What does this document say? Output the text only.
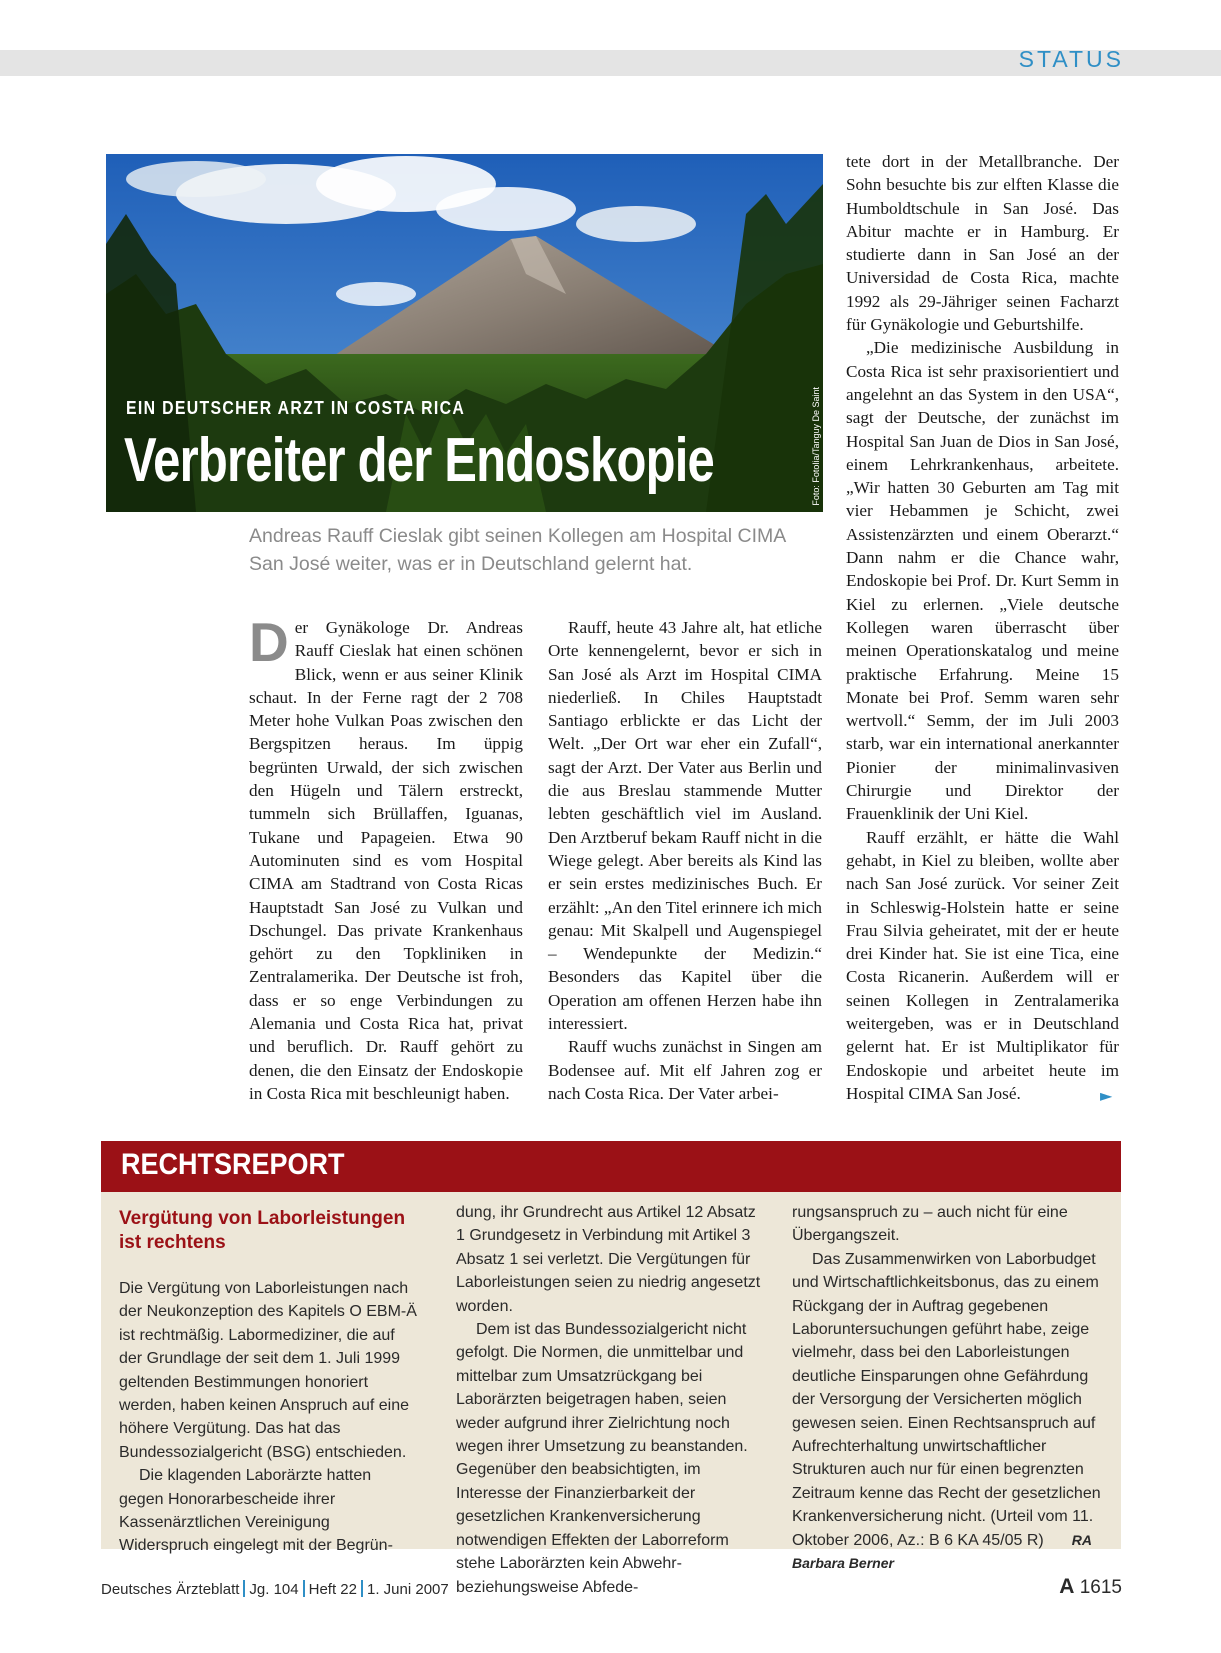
STATUS
EIN DEUTSCHER ARZT IN COSTA RICA
Verbreiter der Endoskopie	Foto: Fotolia/Tanguy De Saint
Andreas Rauff Cieslak gibt seinen Kollegen am Hospital CIMA San José weiter, was er in Deutschland gelernt hat.

Der Gynäkologe Dr. Andreas Rauff Cieslak hat einen schönen Blick, wenn er aus seiner Klinik schaut. In der Ferne ragt der 2 708 Meter hohe Vulkan Poas zwischen den Bergspitzen heraus. Im üppig begrünten Urwald, der sich zwischen den Hügeln und Tälern erstreckt, tummeln sich Brüllaffen, Iguanas, Tukane und Papageien. Etwa 90 Autominuten sind es vom Hospital CIMA am Stadtrand von Costa Ricas Hauptstadt San José zu Vulkan und Dschungel. Das private Krankenhaus gehört zu den Topkliniken in Zentralamerika. Der Deutsche ist froh, dass er so enge Verbindungen zu Alemania und Costa Rica hat, privat und beruflich. Dr. Rauff gehört zu denen, die den Einsatz der Endoskopie in Costa Rica mit beschleunigt haben.

Rauff, heute 43 Jahre alt, hat etliche Orte kennengelernt, bevor er sich in San José als Arzt im Hospital CIMA niederließ. In Chiles Hauptstadt Santiago erblickte er das Licht der Welt. „Der Ort war eher ein Zufall“, sagt der Arzt. Der Vater aus Berlin und die aus Breslau stammende Mutter lebten geschäftlich viel im Ausland. Den Arztberuf bekam Rauff nicht in die Wiege gelegt. Aber bereits als Kind las er sein erstes medizinisches Buch. Er erzählt: „An den Titel erinnere ich mich genau: Mit Skalpell und Augenspiegel – Wendepunkte der Medizin.“ Besonders das Kapitel über die Operation am offenen Herzen habe ihn interessiert.

Rauff wuchs zunächst in Singen am Bodensee auf. Mit elf Jahren zog er nach Costa Rica. Der Vater arbei-

tete dort in der Metallbranche. Der Sohn besuchte bis zur elften Klasse die Humboldtschule in San José. Das Abitur machte er in Hamburg. Er studierte dann in San José an der Universidad de Costa Rica, machte 1992 als 29-Jähriger seinen Facharzt für Gynäkologie und Geburtshilfe.

„Die medizinische Ausbildung in Costa Rica ist sehr praxisorientiert und angelehnt an das System in den USA“, sagt der Deutsche, der zunächst im Hospital San Juan de Dios in San José, einem Lehrkrankenhaus, arbeitete. „Wir hatten 30 Geburten am Tag mit vier Hebammen je Schicht, zwei Assistenzärzten und einem Oberarzt.“ Dann nahm er die Chance wahr, Endoskopie bei Prof. Dr. Kurt Semm in Kiel zu erlernen. „Viele deutsche Kollegen waren überrascht über meinen Operationskatalog und meine praktische Erfahrung. Meine 15 Monate bei Prof. Semm waren sehr wertvoll.“ Semm, der im Juli 2003 starb, war ein international anerkannter Pionier der minimalinvasiven Chirurgie und Direktor der Frauenklinik der Uni Kiel.

Rauff erzählt, er hätte die Wahl gehabt, in Kiel zu bleiben, wollte aber nach San José zurück. Vor seiner Zeit in Schleswig-Holstein hatte er seine Frau Silvia geheiratet, mit der er heute drei Kinder hat. Sie ist eine Tica, eine Costa Ricanerin. Außerdem will er seinen Kollegen in Zentralamerika weitergeben, was er in Deutschland gelernt hat. Er ist Multiplikator für Endoskopie und arbeitet heute im Hospital CIMA San José.	►
RECHTSREPORT
Vergütung von Laborleistungen ist rechtens

Die Vergütung von Laborleistungen nach der Neukonzeption des Kapitels O EBM-Ä ist rechtmäßig. Labormediziner, die auf der Grundlage der seit dem 1. Juli 1999 geltenden Bestimmungen honoriert werden, haben keinen Anspruch auf eine höhere Vergütung. Das hat das Bundessozialgericht (BSG) entschieden.

Die klagenden Laborärzte hatten gegen Honorarbescheide ihrer Kassenärztlichen Vereinigung Widerspruch eingelegt mit der Begrün-

dung, ihr Grundrecht aus Artikel 12 Absatz 1 Grundgesetz in Verbindung mit Artikel 3 Absatz 1 sei verletzt. Die Vergütungen für Laborleistungen seien zu niedrig angesetzt worden.

Dem ist das Bundessozialgericht nicht gefolgt. Die Normen, die unmittelbar und mittelbar zum Umsatzrückgang bei Laborärzten beigetragen haben, seien weder aufgrund ihrer Zielrichtung noch wegen ihrer Umsetzung zu beanstanden. Gegenüber den beabsichtigten, im Interesse der Finanzierbarkeit der gesetzlichen Krankenversicherung notwendigen Effekten der Laborreform stehe Laborärzten kein Abwehr- beziehungsweise Abfede-

rungsanspruch zu – auch nicht für eine Übergangszeit.

Das Zusammenwirken von Laborbudget und Wirtschaftlichkeitsbonus, das zu einem Rückgang der in Auftrag gegebenen Laboruntersuchungen geführt habe, zeige vielmehr, dass bei den Laborleistungen deutliche Einsparungen ohne Gefährdung der Versorgung der Versicherten möglich gewesen seien. Einen Rechtsanspruch auf Aufrechterhaltung unwirtschaftlicher Strukturen auch nur für einen begrenzten Zeitraum kenne das Recht der gesetzlichen Krankenversicherung nicht. (Urteil vom 11. Oktober 2006, Az.: B 6 KA 45/05 R) RA Barbara Berner

Deutsches Ärzteblatt Jg. 104 Heft 22 1. Juni 2007	A 1615
